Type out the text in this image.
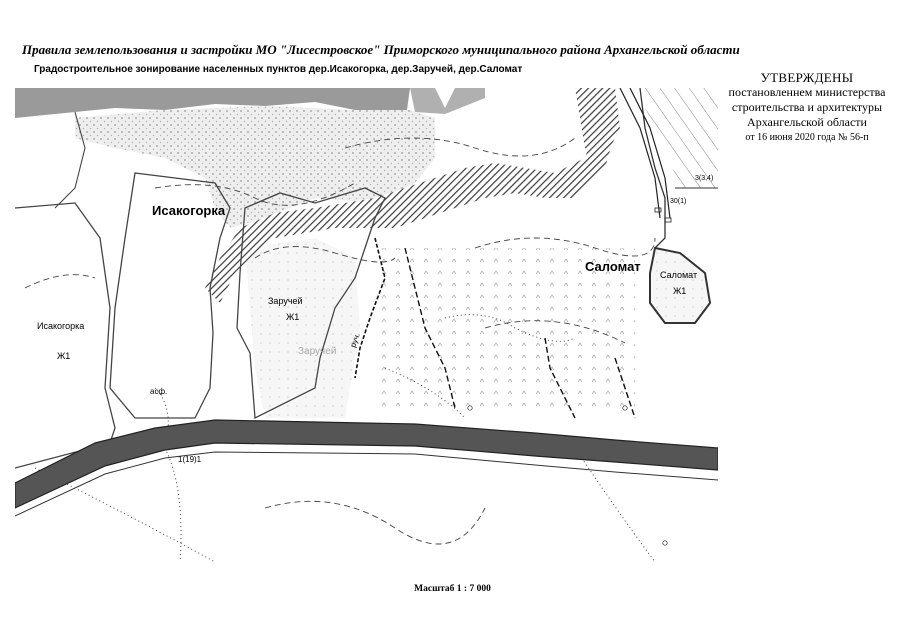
Правила землепользования и застройки МО "Лисестровское" Приморского муниципального района Архангельской области
Градостроительное зонирование населенных пунктов дер.Исакогорка, дер.Заручей, дер.Саломат
УТВЕРЖДЕНЫ
постановленнем министерства
строительства и архитектуры
Архангельской области
от 16 июня 2020 года № 56-п
Исакогорка
Исакогорка
Ж1
Заручей
Ж1
Заручей
Саломат
Саломат
Ж1
1(19)1
руч.
асф.
3(3,4)
30(1)
Масштаб 1 : 7 000
